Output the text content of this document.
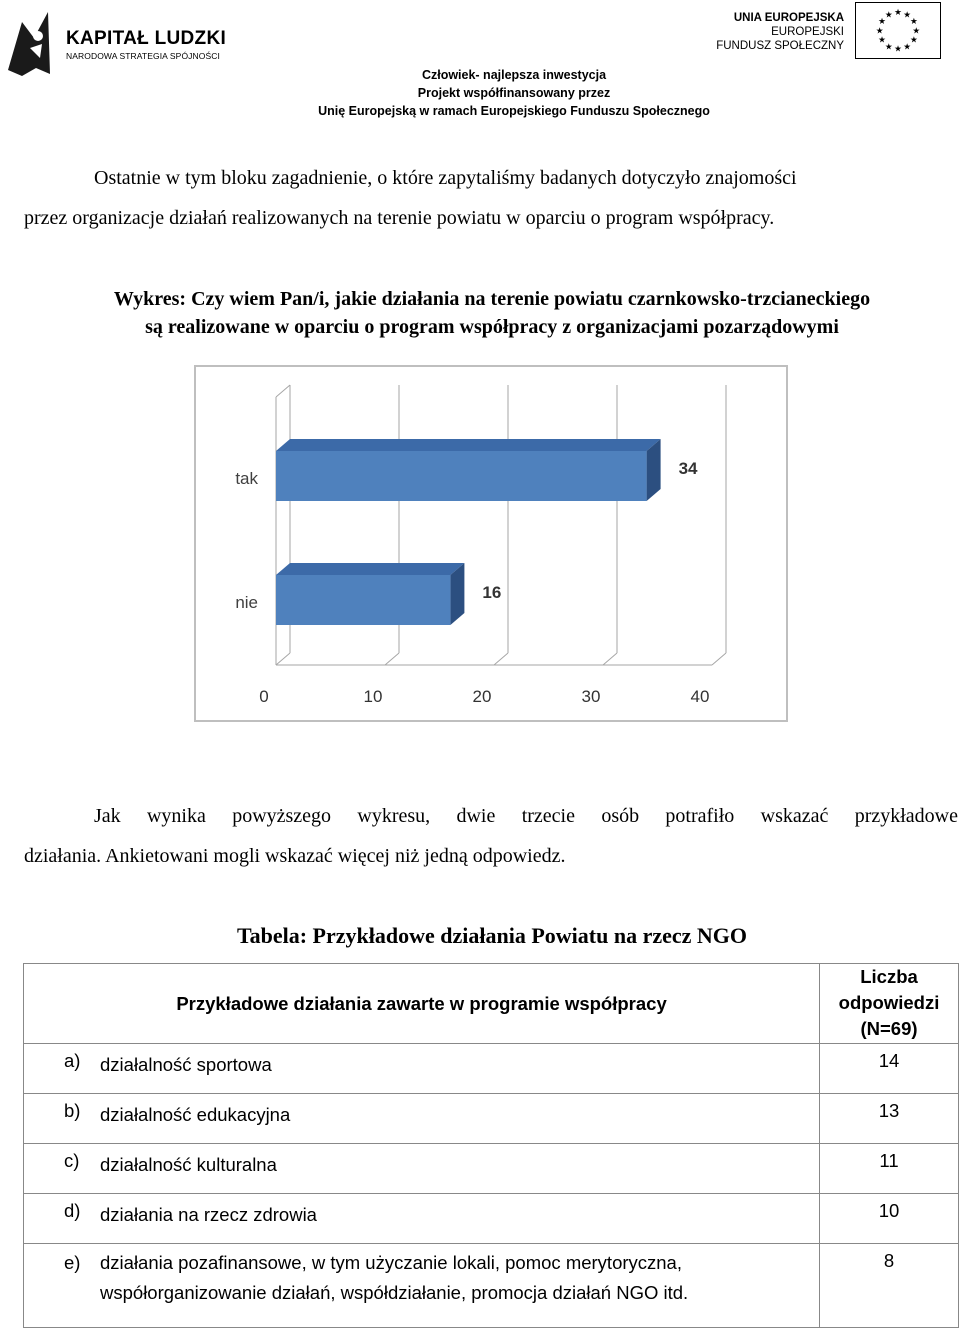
KAPITAŁ LUDZKI
NARODOWA STRATEGIA SPÓJNOŚCI
UNIA EUROPEJSKA
EUROPEJSKI
FUNDUSZ SPOŁECZNY
★ ★
★
★
★
★
★
★
★
★
★
★
Człowiek- najlepsza inwestycja
Projekt współfinansowany przez
Unię Europejską w ramach Europejskiego Funduszu Społecznego
Ostatnie w tym bloku zagadnienie, o które zapytaliśmy badanych dotyczyło znajomości
przez organizacje działań realizowanych na terenie powiatu w oparciu o program współpracy.
Wykres: Czy wiem Pan/i, jakie działania na terenie powiatu czarnkowsko-trzcianeckiego
są realizowane w oparciu o program współpracy z organizacjami pozarządowymi
tak
34
nie
16
0	10	20	30	40
Jak wynika powyższego wykresu, dwie trzecie osób potrafiło wskazać przykładowe
działania. Ankietowani mogli wskazać więcej niż jedną odpowiedz.
Tabela: Przykładowe działania Powiatu na rzecz NGO
Przykładowe działania zawarte w programie współpracy	Liczba
odpowiedzi
(N=69)

a) działalność sportowa	14

b) działalność edukacyjna	13

c) działalność kulturalna	11

d) działania na rzecz zdrowia	10

e) działania pozafinansowe, w tym użyczanie lokali, pomoc merytoryczna, współorganizowanie działań, współdziałanie, promocja działań NGO itd.	8
